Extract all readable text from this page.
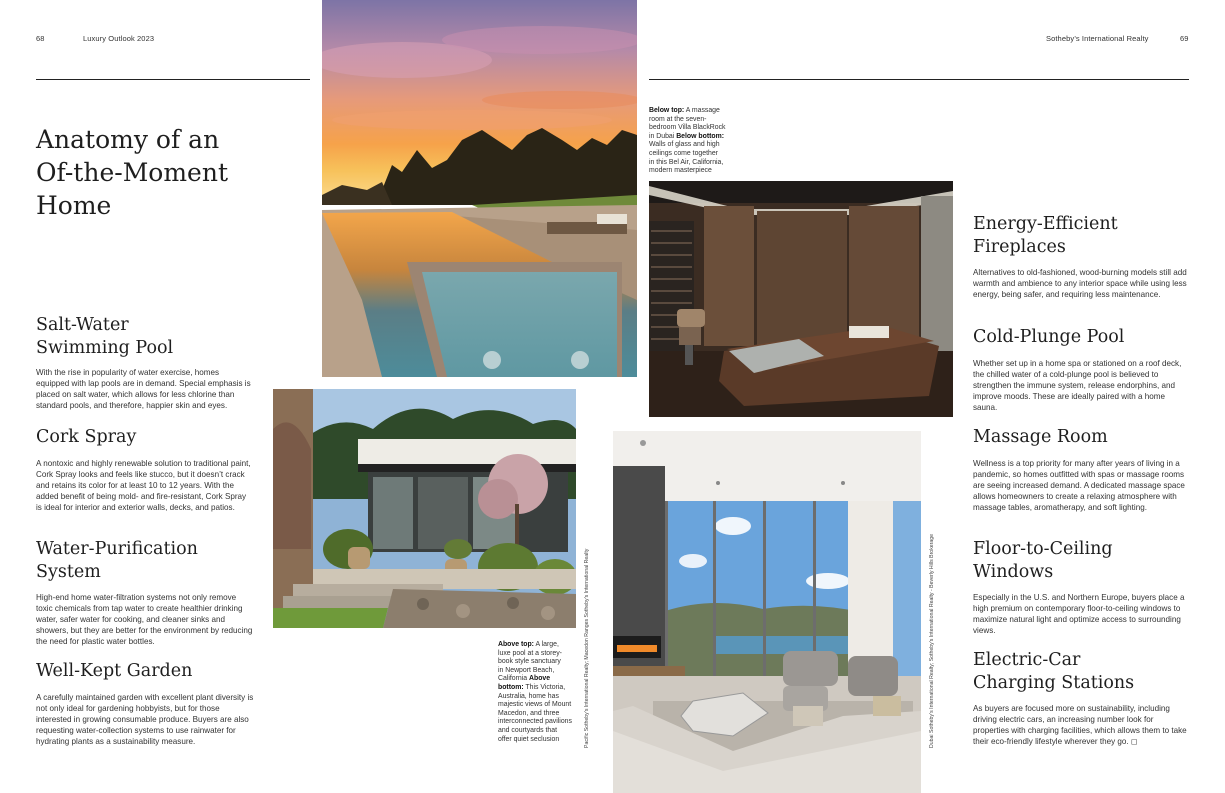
68	Luxury Outlook 2023	Sotheby’s International Realty	69
Anatomy of an
Of-the-Moment
Home
Salt-Water
Swimming Pool

With the rise in popularity of water exercise, homes equipped with lap pools are in demand. Special emphasis is placed on salt water, which allows for less chlorine than standard pools, and therefore, happier skin and eyes.

Cork Spray

A nontoxic and highly renewable solution to traditional paint, Cork Spray looks and feels like stucco, but it doesn’t crack and retains its color for at least 10 to 12 years. With the added benefit of being mold- and fire-resistant, Cork Spray is ideal for interior and exterior walls, decks, and patios.

Water-Purification
System

High-end home water-filtration systems not only remove toxic chemicals from tap water to create healthier drinking water, safer water for cooking, and cleaner sinks and showers, but they are better for the environment by reducing the need for plastic water bottles.

Well-Kept Garden

A carefully maintained garden with excellent plant diversity is not only ideal for gardening hobbyists, but for those interested in growing consumable produce. Buyers are also requesting water-collection systems to use rainwater for hydrating plants as a sustainability measure.

Energy-Efficient
Fireplaces

Alternatives to old-fashioned, wood-burning models still add warmth and ambience to any interior space while using less energy, being safer, and requiring less maintenance.

Cold-Plunge Pool

Whether set up in a home spa or stationed on a roof deck, the chilled water of a cold-plunge pool is believed to strengthen the immune system, release endorphins, and improve moods. These are ideally paired with a home sauna.

Massage Room

Wellness is a top priority for many after years of living in a pandemic, so homes outfitted with spas or massage rooms are seeing increased demand. A dedicated massage space allows homeowners to create a relaxing atmosphere with massage tables, aromatherapy, and soft lighting.

Floor-to-Ceiling
Windows

Especially in the U.S. and Northern Europe, buyers place a high premium on contemporary floor-to-ceiling windows to maximize natural light and optimize access to surrounding views.

Electric-Car
Charging Stations

As buyers are focused more on sustainability, including driving electric cars, an increasing number look for properties with charging facilities, which allows them to take their eco-friendly lifestyle wherever they go. ◻

Below top: A massage
room at the seven-
bedroom Villa BlackRock
in Dubai Below bottom:
Walls of glass and high
ceilings come together
in this Bel Air, California,
modern masterpiece
Above top: A large,
luxe pool at a storey-
book style sanctuary
in Newport Beach,
California Above
bottom: This Victoria,
Australia, home has
majestic views of Mount
Macedon, and three
interconnected pavilions
and courtyards that
offer quiet seclusion	Pacific Sotheby’s International Realty; Macedon Ranges Sotheby’s International Realty	Dubai Sotheby’s International Realty; Sotheby’s International Realty - Beverly Hills Brokerage
